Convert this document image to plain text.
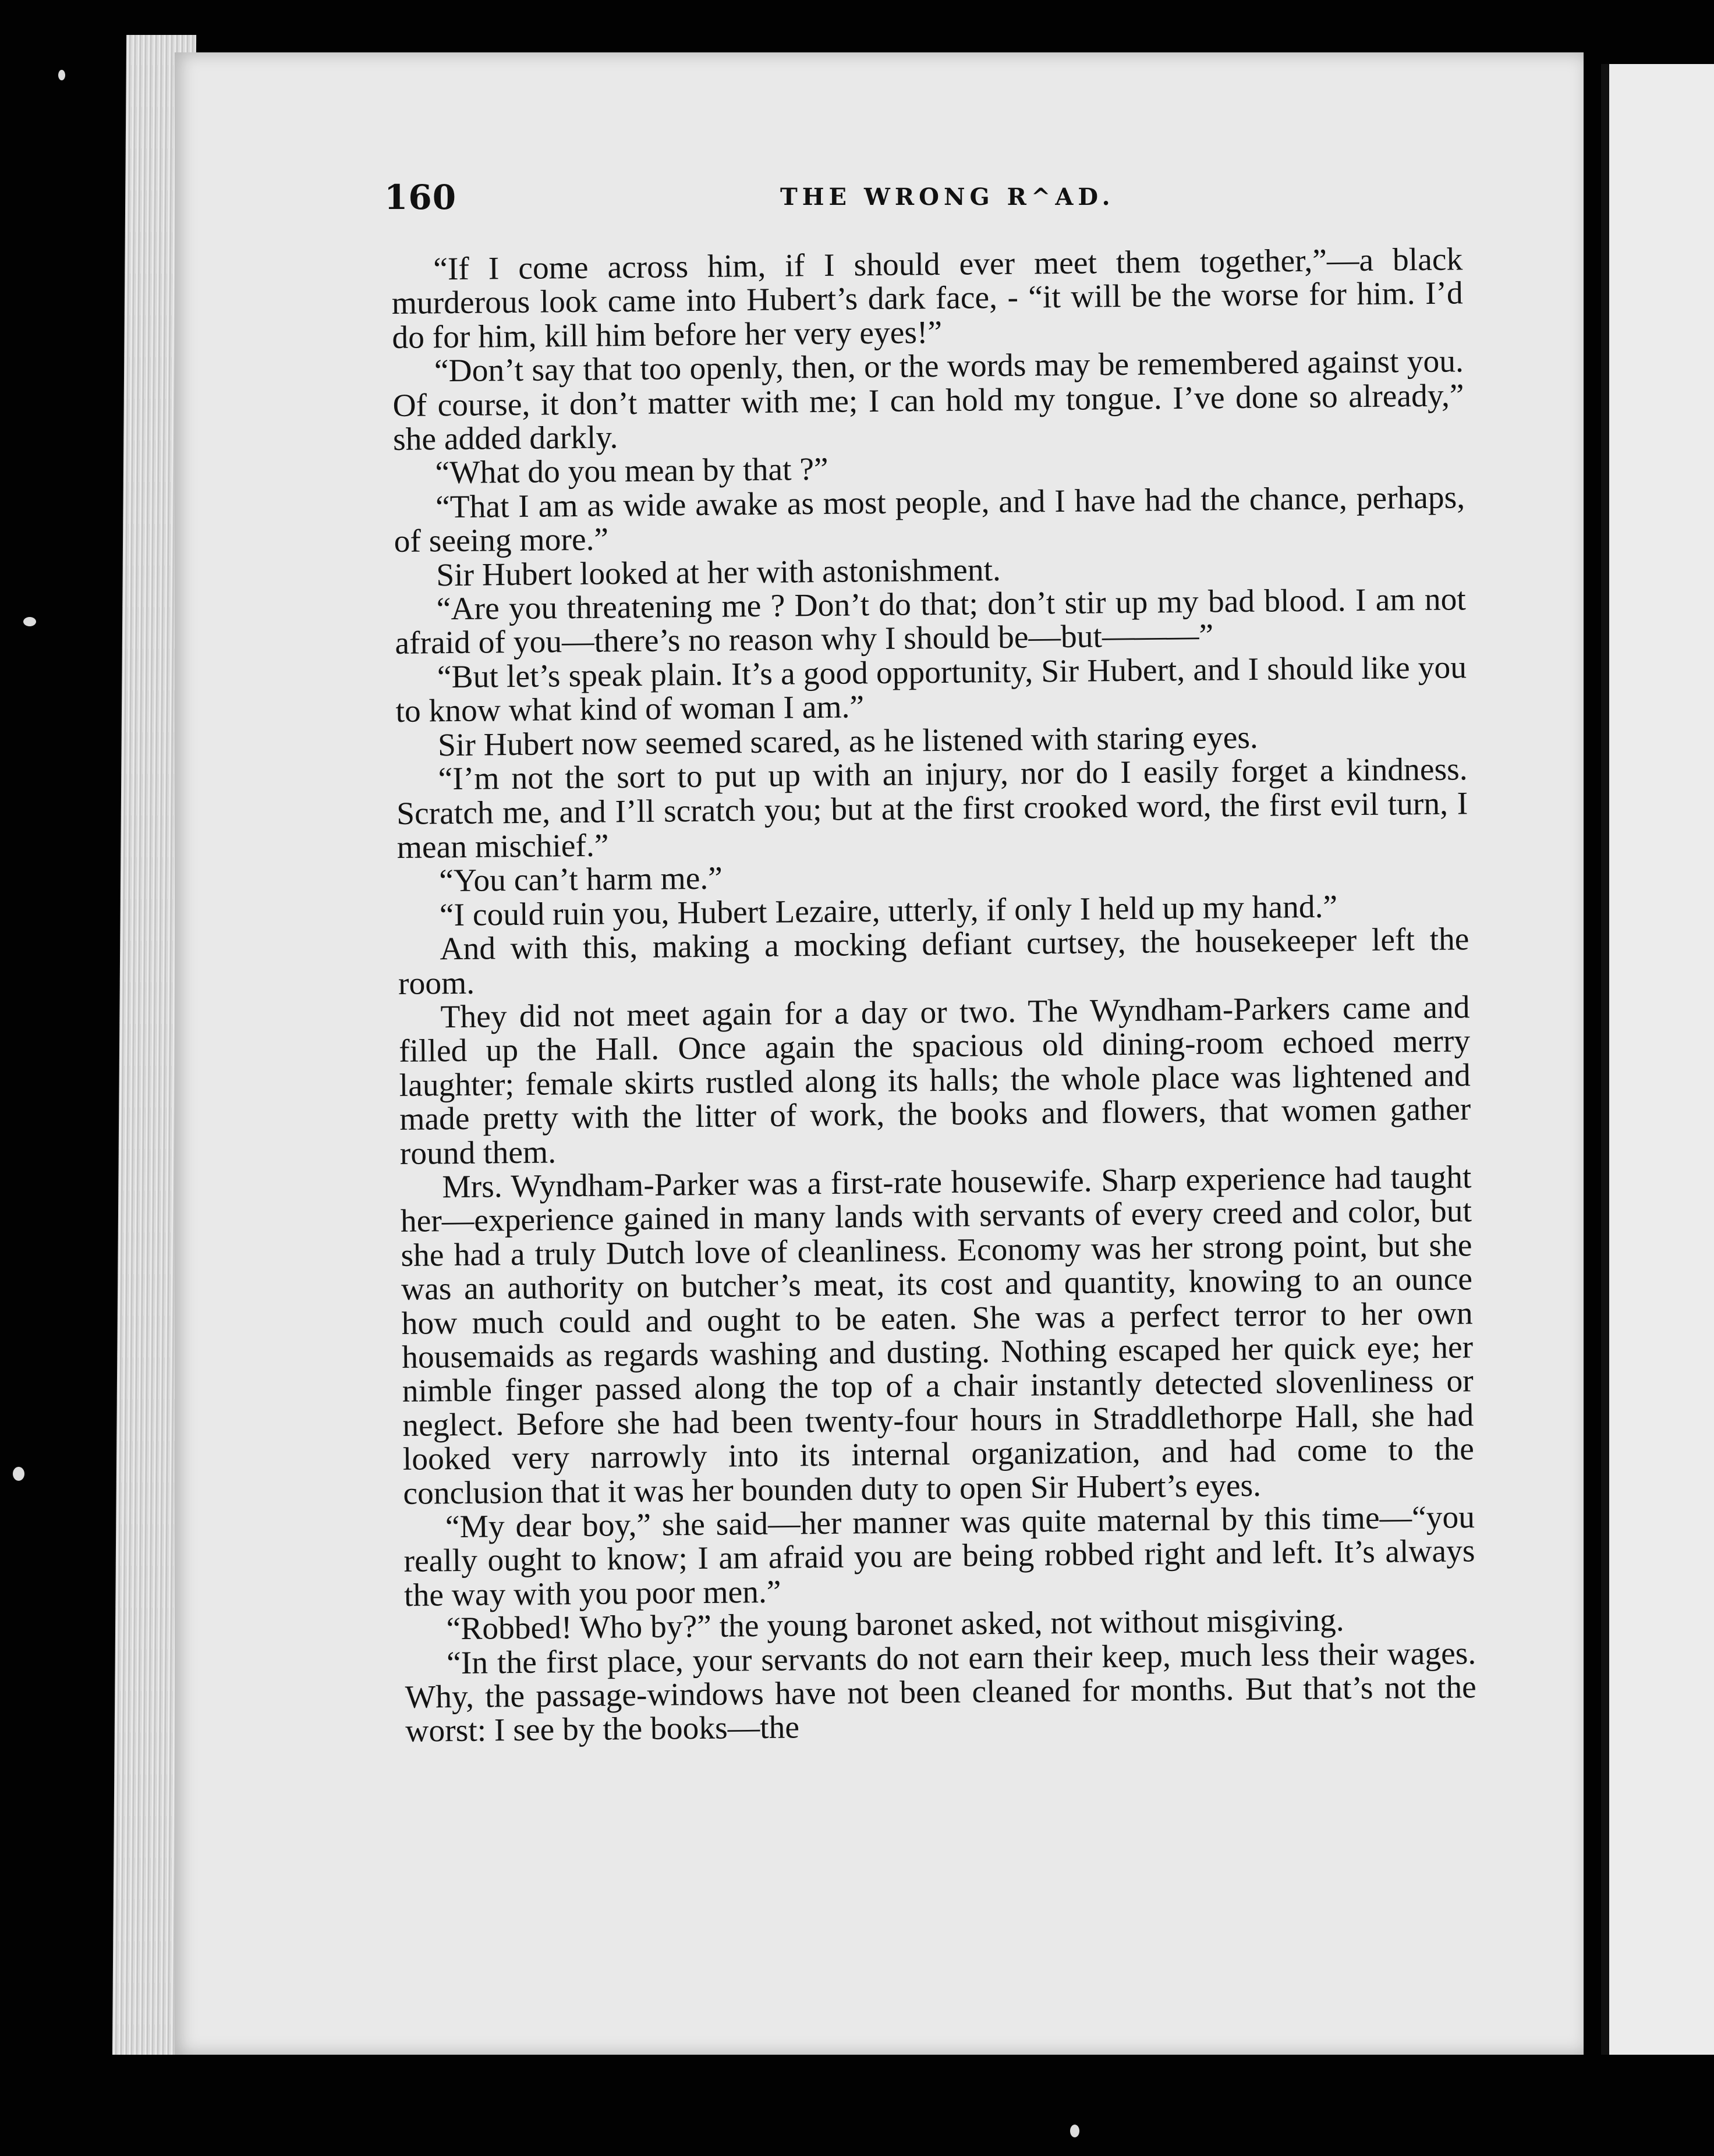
160	THE WRONG R^AD.

“If I come across him, if I should ever meet them together,”—a black murderous look came into Hubert’s dark face, - “it will be the worse for him. I’d do for him, kill him before her very eyes!”

“Don’t say that too openly, then, or the words may be remembered against you. Of course, it don’t matter with me; I can hold my tongue. I’ve done so already,” she added darkly.

“What do you mean by that ?”

“That I am as wide awake as most people, and I have had the chance, perhaps, of seeing more.”

Sir Hubert looked at her with astonishment.

“Are you threatening me ? Don’t do that; don’t stir up my bad blood. I am not afraid of you—there’s no reason why I should be—but———”

“But let’s speak plain. It’s a good opportunity, Sir Hubert, and I should like you to know what kind of woman I am.”

Sir Hubert now seemed scared, as he listened with staring eyes.

“I’m not the sort to put up with an injury, nor do I easily forget a kindness. Scratch me, and I’ll scratch you; but at the first crooked word, the first evil turn, I mean mischief.”

“You can’t harm me.”

“I could ruin you, Hubert Lezaire, utterly, if only I held up my hand.”

And with this, making a mocking defiant curtsey, the housekeeper left the room.

They did not meet again for a day or two. The Wyndham-Parkers came and filled up the Hall. Once again the spacious old dining-room echoed merry laughter; female skirts rustled along its halls; the whole place was lightened and made pretty with the litter of work, the books and flowers, that women gather round them.

Mrs. Wyndham-Parker was a first-rate housewife. Sharp experience had taught her—experience gained in many lands with servants of every creed and color, but she had a truly Dutch love of cleanliness. Economy was her strong point, but she was an authority on butcher’s meat, its cost and quantity, knowing to an ounce how much could and ought to be eaten. She was a perfect terror to her own housemaids as regards washing and dusting. Nothing escaped her quick eye; her nimble finger passed along the top of a chair instantly detected slovenliness or neglect. Before she had been twenty-four hours in Straddlethorpe Hall, she had looked very narrowly into its internal organization, and had come to the conclusion that it was her bounden duty to open Sir Hubert’s eyes.

“My dear boy,” she said—her manner was quite maternal by this time—“you really ought to know; I am afraid you are being robbed right and left. It’s always the way with you poor men.”

“Robbed! Who by?” the young baronet asked, not without misgiving.

“In the first place, your servants do not earn their keep, much less their wages. Why, the passage-windows have not been cleaned for months. But that’s not the worst: I see by the books—the
